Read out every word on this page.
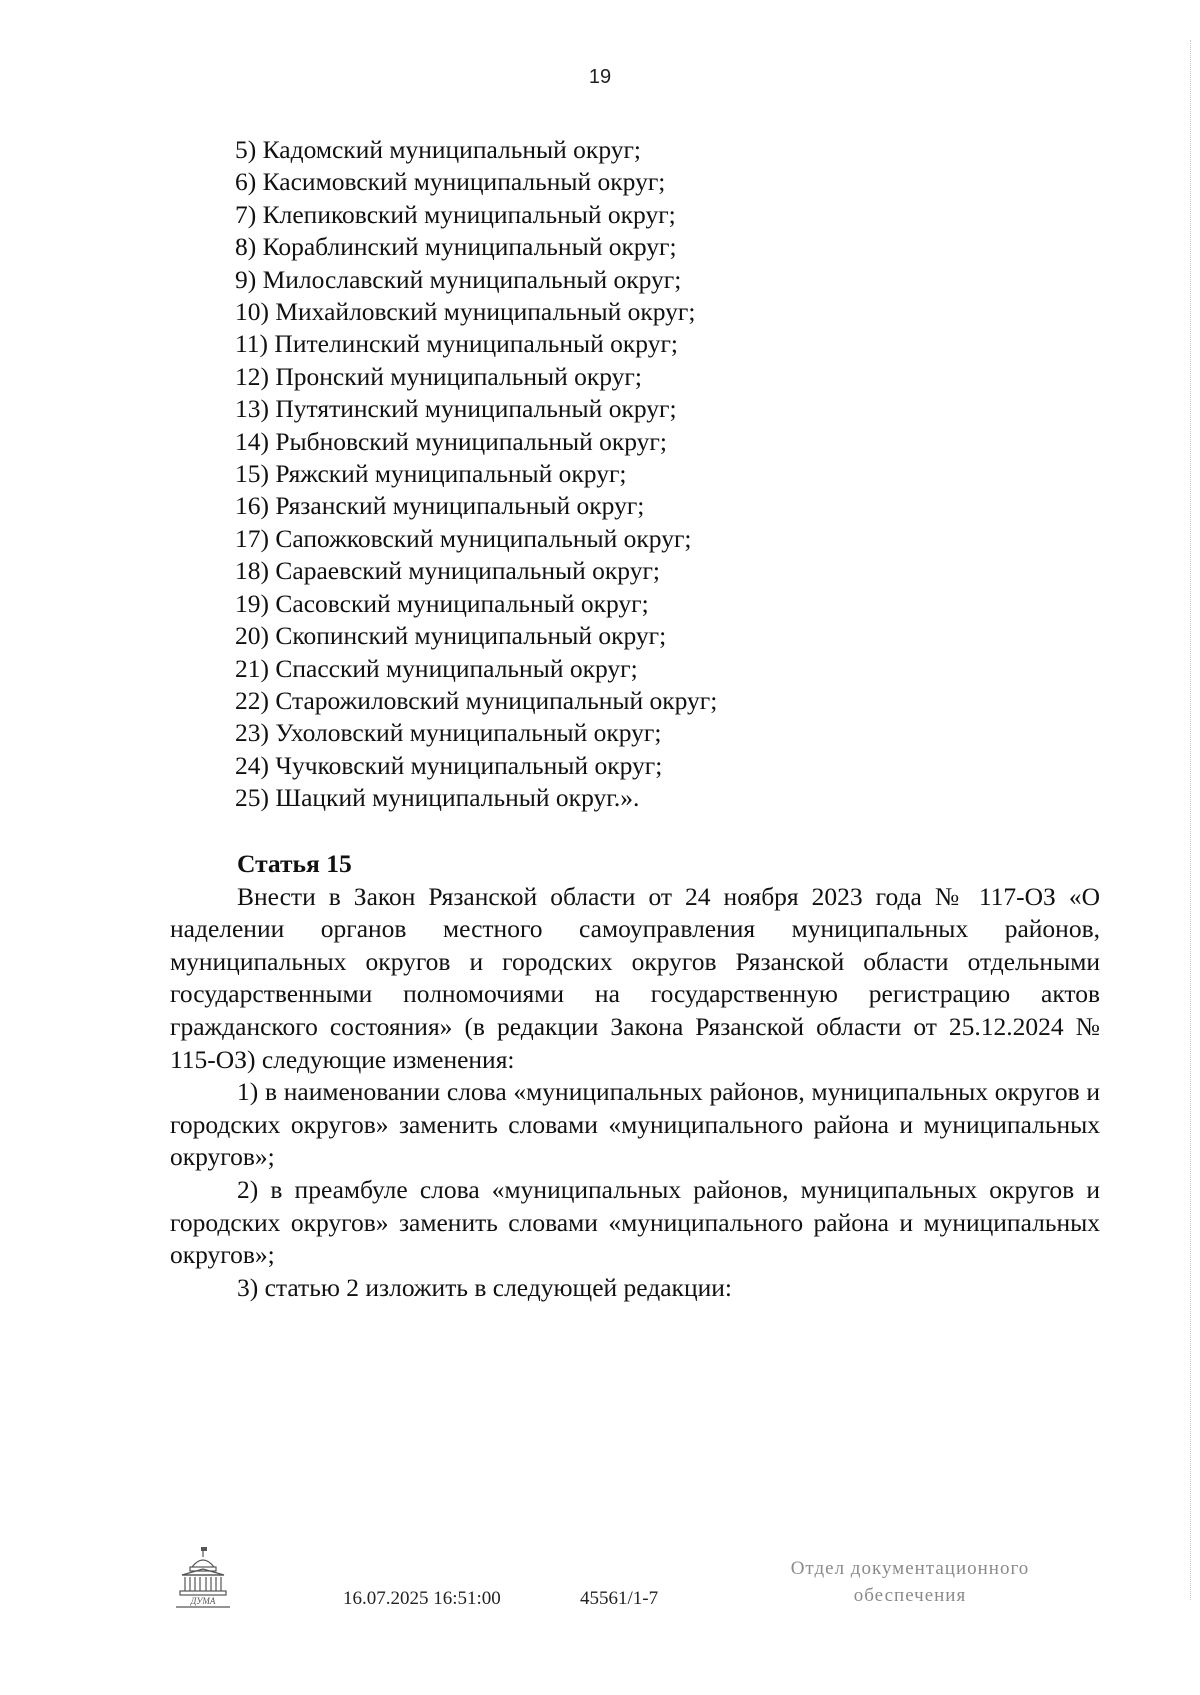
19
5) Кадомский муниципальный округ;
6) Касимовский муниципальный округ;
7) Клепиковский муниципальный округ;
8) Кораблинский муниципальный округ;
9) Милославский муниципальный округ;
10) Михайловский муниципальный округ;
11) Пителинский муниципальный округ;
12) Пронский муниципальный округ;
13) Путятинский муниципальный округ;
14) Рыбновский муниципальный округ;
15) Ряжский муниципальный округ;
16) Рязанский муниципальный округ;
17) Сапожковский муниципальный округ;
18) Сараевский муниципальный округ;
19) Сасовский муниципальный округ;
20) Скопинский муниципальный округ;
21) Спасский муниципальный округ;
22) Старожиловский муниципальный округ;
23) Ухоловский муниципальный округ;
24) Чучковский муниципальный округ;
25) Шацкий муниципальный округ.».

Статья 15

Внести в Закон Рязанской области от 24 ноября 2023 года № 117-ОЗ «О наделении органов местного самоуправления муниципальных районов, муниципальных округов и городских округов Рязанской области отдельными государственными полномочиями на государственную регистрацию актов гражданского состояния» (в редакции Закона Рязанской области от 25.12.2024 № 115-ОЗ) следующие изменения:

1) в наименовании слова «муниципальных районов, муниципальных округов и городских округов» заменить словами «муниципального района и муниципальных округов»;

2) в преамбуле слова «муниципальных районов, муниципальных округов и городских округов» заменить словами «муниципального района и муниципальных округов»;

3) статью 2 изложить в следующей редакции:

ДУМА	16.07.2025 16:51:00	45561/1-7
Отдел документационного
обеспечения
